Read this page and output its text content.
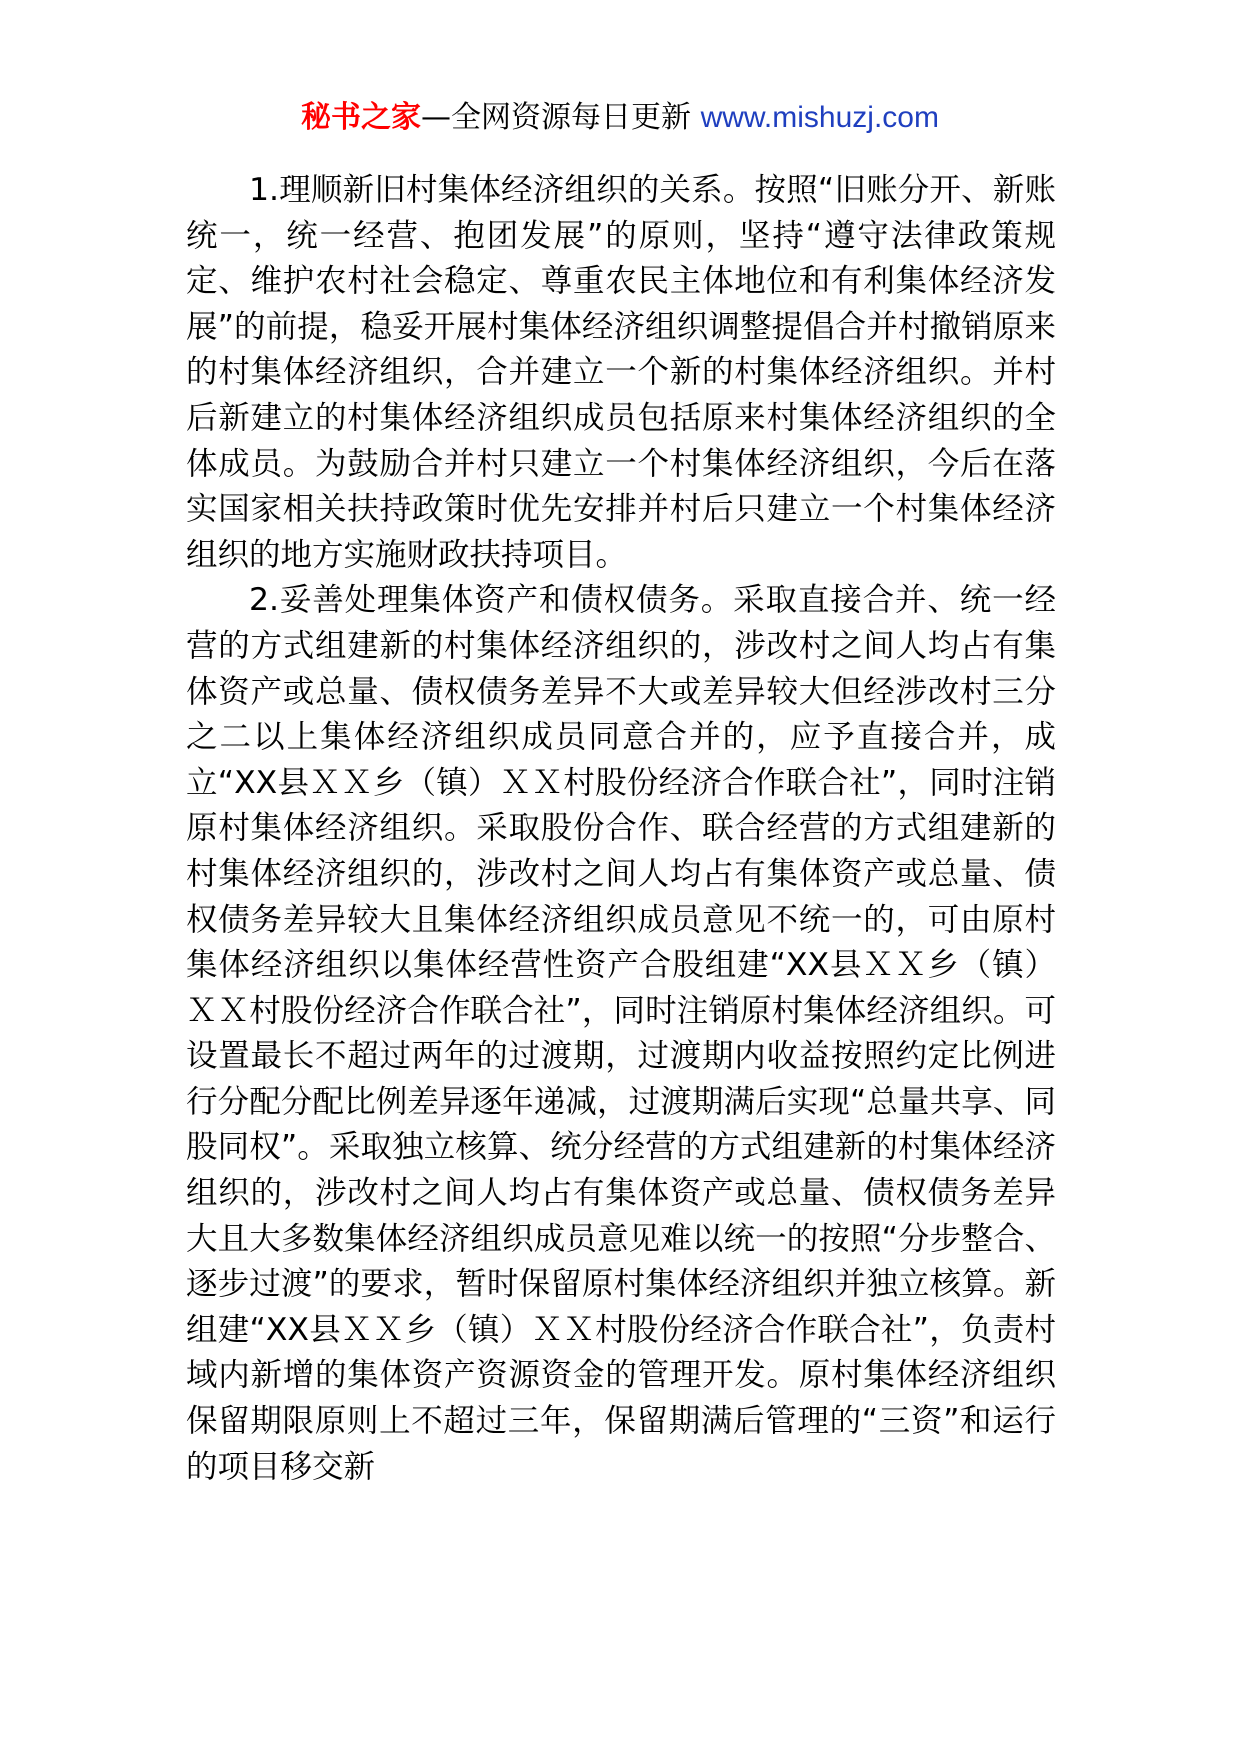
秘书之家—全网资源每日更新 www.mishuzj.com

1.理顺新旧村集体经济组织的关系。按照“旧账分开、新账统一，统一经营、抱团发展”的原则，坚持“遵守法律政策规定、维护农村社会稳定、尊重农民主体地位和有利集体经济发展”的前提，稳妥开展村集体经济组织调整提倡合并村撤销原来的村集体经济组织，合并建立一个新的村集体经济组织。并村后新建立的村集体经济组织成员包括原来村集体经济组织的全体成员。为鼓励合并村只建立一个村集体经济组织，今后在落实国家相关扶持政策时优先安排并村后只建立一个村集体经济组织的地方实施财政扶持项目。

2.妥善处理集体资产和债权债务。采取直接合并、统一经营的方式组建新的村集体经济组织的，涉改村之间人均占有集体资产或总量、债权债务差异不大或差异较大但经涉改村三分之二以上集体经济组织成员同意合并的，应予直接合并，成立“XX县ＸＸ乡（镇）ＸＸ村股份经济合作联合社”，同时注销原村集体经济组织。采取股份合作、联合经营的方式组建新的村集体经济组织的，涉改村之间人均占有集体资产或总量、债权债务差异较大且集体经济组织成员意见不统一的，可由原村集体经济组织以集体经营性资产合股组建“XX县ＸＸ乡（镇）ＸＸ村股份经济合作联合社”，同时注销原村集体经济组织。可设置最长不超过两年的过渡期，过渡期内收益按照约定比例进行分配分配比例差异逐年递减，过渡期满后实现“总量共享、同股同权”。采取独立核算、统分经营的方式组建新的村集体经济组织的，涉改村之间人均占有集体资产或总量、债权债务差异大且大多数集体经济组织成员意见难以统一的按照“分步整合、逐步过渡”的要求，暂时保留原村集体经济组织并独立核算。新组建“XX县ＸＸ乡（镇）ＸＸ村股份经济合作联合社”，负责村域内新增的集体资产资源资金的管理开发。原村集体经济组织保留期限原则上不超过三年，保留期满后管理的“三资”和运行的项目移交新
